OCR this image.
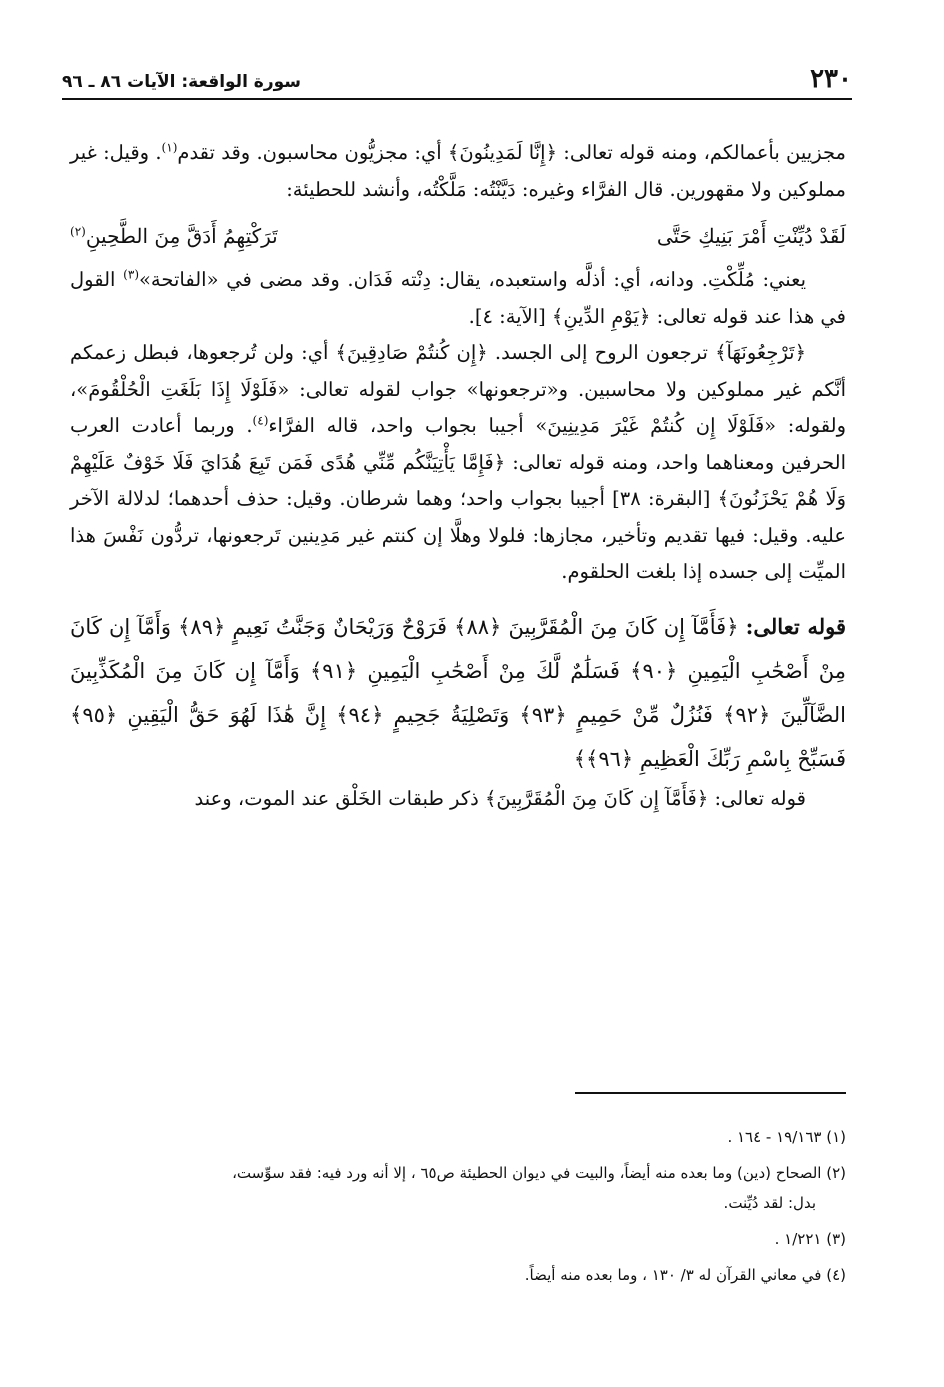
٢٣٠
سورة الواقعة: الآيات ٨٦ ـ ٩٦

مجزيين بأعمالكم، ومنه قوله تعالى: ﴿إِنَّا لَمَدِينُونَ﴾ أي: مجزيُّون محاسبون. وقد تقدم$^{(١)}$. وقيل: غير مملوكين ولا مقهورين. قال الفرَّاء وغيره: دَيَّنْتُه: مَلَّكْتُه، وأنشد للحطيئة:

لَقَدْ دُيِّنْتِ أَمْرَ بَنِيكِ حَتَّى
تَرَكْتِهِمُ أَدَقَّ مِنَ الطَّحِينِ$^{(٢)}$

يعني: مُلِّكْتِ. ودانه، أي: أذلَّه واستعبده، يقال: دِنْته فَدَان. وقد مضى في «الفاتحة»$^{(٣)}$ القول في هذا عند قوله تعالى: ﴿يَوْمِ الدِّينِ﴾ [الآية: ٤].

﴿تَرْجِعُونَهَآ﴾ ترجعون الروح إلى الجسد. ﴿إِن كُنتُمْ صَادِقِينَ﴾ أي: ولن تُرجعوها، فبطل زعمكم أنَّكم غير مملوكين ولا محاسبين. و«ترجعونها» جواب لقوله تعالى: «فَلَوْلَا إِذَا بَلَغَتِ الْحُلْقُومَ»، ولقوله: «فَلَوْلَا إِن كُنتُمْ غَيْرَ مَدِينِينَ» أجيبا بجواب واحد، قاله الفرَّاء$^{(٤)}$. وربما أعادت العرب الحرفين ومعناهما واحد، ومنه قوله تعالى: ﴿فَإِمَّا يَأْتِيَنَّكُم مِّنِّي هُدًى فَمَن تَبِعَ هُدَايَ فَلَا خَوْفٌ عَلَيْهِمْ وَلَا هُمْ يَحْزَنُونَ﴾ [البقرة: ٣٨] أجيبا بجواب واحد؛ وهما شرطان. وقيل: حذف أحدهما؛ لدلالة الآخر عليه. وقيل: فيها تقديم وتأخير، مجازها: فلولا وهلَّا إن كنتم غير مَدِينين تَرجعونها، تردُّون نَفْسَ هذا الميِّت إلى جسده إذا بلغت الحلقوم.

قوله تعالى: ﴿فَأَمَّآ إِن كَانَ مِنَ الْمُقَرَّبِينَ ﴿٨٨﴾ فَرَوْحٌ وَرَيْحَانٌ وَجَنَّتُ نَعِيمٍ ﴿٨٩﴾ وَأَمَّآ إِن كَانَ مِنْ أَصْحَٰبِ الْيَمِينِ ﴿٩٠﴾ فَسَلَٰمٌ لَّكَ مِنْ أَصْحَٰبِ الْيَمِينِ ﴿٩١﴾ وَأَمَّآ إِن كَانَ مِنَ الْمُكَذِّبِينَ الضَّآلِّينَ ﴿٩٢﴾ فَنُزُلٌ مِّنْ حَمِيمٍ ﴿٩٣﴾ وَتَصْلِيَةُ جَحِيمٍ ﴿٩٤﴾ إِنَّ هَٰذَا لَهُوَ حَقُّ الْيَقِينِ ﴿٩٥﴾ فَسَبِّحْ بِاسْمِ رَبِّكَ الْعَظِيمِ ﴿٩٦﴾﴾

قوله تعالى: ﴿فَأَمَّآ إِن كَانَ مِنَ الْمُقَرَّبِينَ﴾ ذكر طبقات الخَلْق عند الموت، وعند

(١) ١٩/١٦٣ - ١٦٤ .

(٢) الصحاح (دين) وما بعده منه أيضاً، والبيت في ديوان الحطيئة ص٦٥ ، إلا أنه ورد فيه: فقد سوِّست،
بدل: لقد دُيِّنت.

(٣) ١/٢٢١ .

(٤) في معاني القرآن له ٣/ ١٣٠ ، وما بعده منه أيضاً.
